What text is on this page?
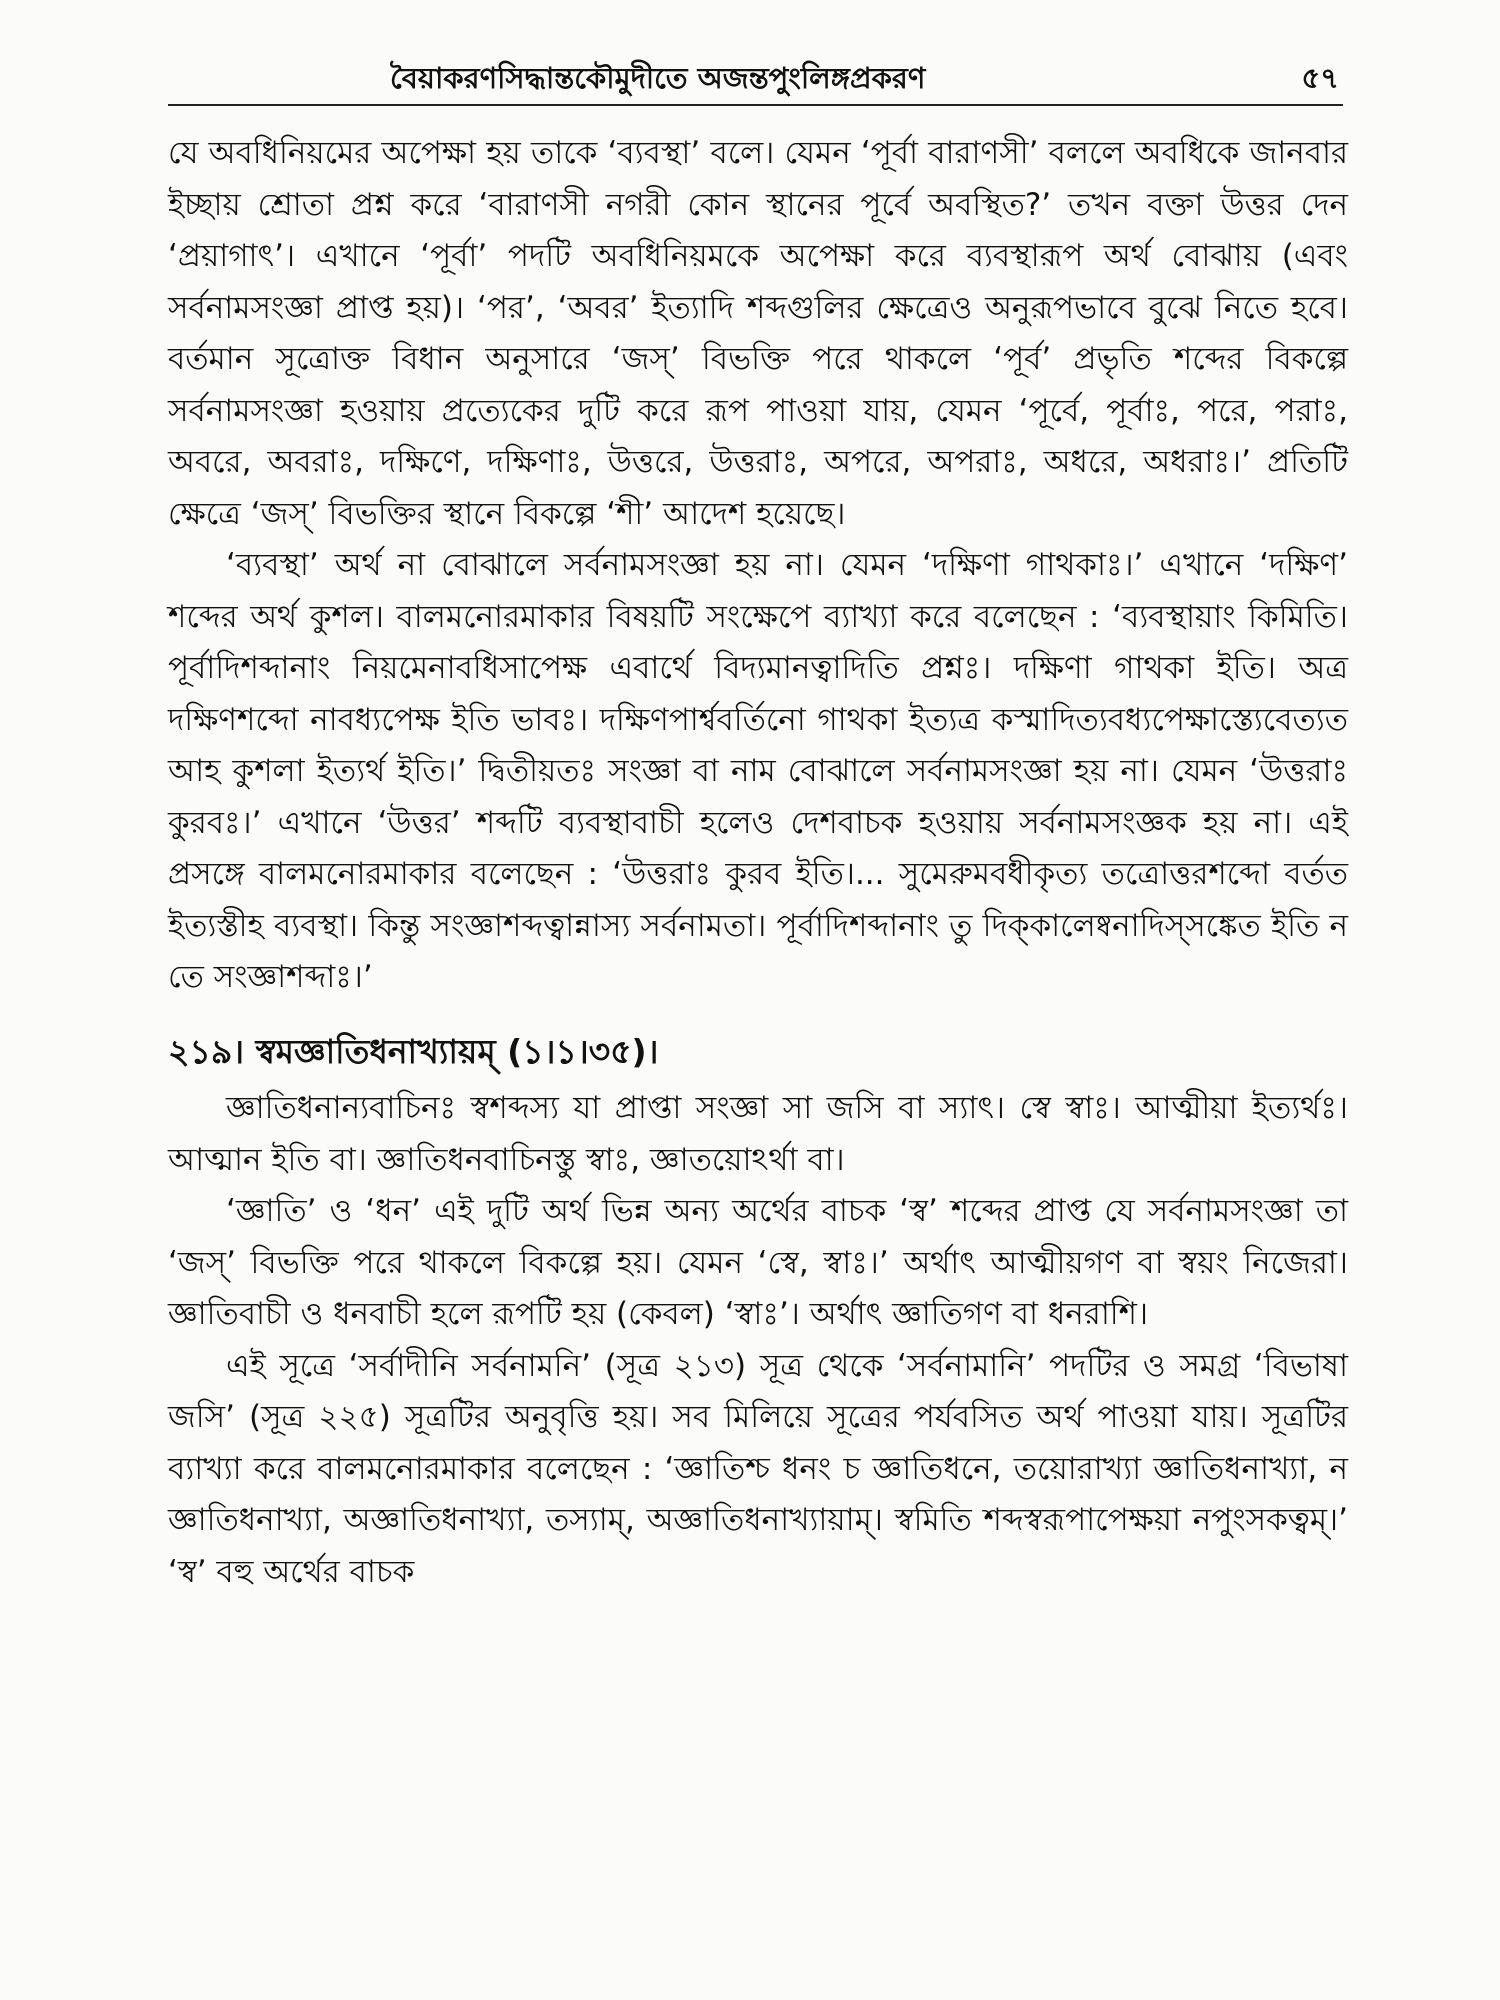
বৈয়াকরণসিদ্ধান্তকৌমুদীতে অজন্তপুংলিঙ্গপ্রকরণ	৫৭

যে অবধিনিয়মের অপেক্ষা হয় তাকে ‘ব্যবস্থা’ বলে। যেমন ‘পূর্বা বারাণসী’ বললে অবধিকে জানবার ইচ্ছায় শ্রোতা প্রশ্ন করে ‘বারাণসী নগরী কোন স্থানের পূর্বে অবস্থিত?’ তখন বক্তা উত্তর দেন ‘প্রয়াগাৎ’। এখানে ‘পূর্বা’ পদটি অবধিনিয়মকে অপেক্ষা করে ব্যবস্থারূপ অর্থ বোঝায় (এবং সর্বনামসংজ্ঞা প্রাপ্ত হয়)। ‘পর’, ‘অবর’ ইত্যাদি শব্দগুলির ক্ষেত্রেও অনুরূপভাবে বুঝে নিতে হবে। বর্তমান সূত্রোক্ত বিধান অনুসারে ‘জস্’ বিভক্তি পরে থাকলে ‘পূর্ব’ প্রভৃতি শব্দের বিকল্পে সর্বনামসংজ্ঞা হওয়ায় প্রত্যেকের দুটি করে রূপ পাওয়া যায়, যেমন ‘পূর্বে, পূর্বাঃ, পরে, পরাঃ, অবরে, অবরাঃ, দক্ষিণে, দক্ষিণাঃ, উত্তরে, উত্তরাঃ, অপরে, অপরাঃ, অধরে, অধরাঃ।’ প্রতিটি ক্ষেত্রে ‘জস্’ বিভক্তির স্থানে বিকল্পে ‘শী’ আদেশ হয়েছে।

‘ব্যবস্থা’ অর্থ না বোঝালে সর্বনামসংজ্ঞা হয় না। যেমন ‘দক্ষিণা গাথকাঃ।’ এখানে ‘দক্ষিণ’ শব্দের অর্থ কুশল। বালমনোরমাকার বিষয়টি সংক্ষেপে ব্যাখ্যা করে বলেছেন : ‘ব্যবস্থায়াং কিমিতি। পূর্বাদিশব্দানাং নিয়মেনাবধিসাপেক্ষ এবার্থে বিদ্যমানত্বাদিতি প্রশ্নঃ। দক্ষিণা গাথকা ইতি। অত্র দক্ষিণশব্দো নাবধ্যপেক্ষ ইতি ভাবঃ। দক্ষিণপার্শ্ববর্তিনো গাথকা ইত্যত্র কস্মাদিত্যবধ্যপেক্ষাস্ত্যেবেত্যত আহ কুশলা ইত্যর্থ ইতি।’ দ্বিতীয়তঃ সংজ্ঞা বা নাম বোঝালে সর্বনামসংজ্ঞা হয় না। যেমন ‘উত্তরাঃ কুরবঃ।’ এখানে ‘উত্তর’ শব্দটি ব্যবস্থাবাচী হলেও দেশবাচক হওয়ায় সর্বনামসংজ্ঞক হয় না। এই প্রসঙ্গে বালমনোরমাকার বলেছেন : ‘উত্তরাঃ কুরব ইতি।... সুমেরুমবধীকৃত্য তত্রোত্তরশব্দো বর্তত ইত্যস্তীহ ব্যবস্থা। কিন্তু সংজ্ঞাশব্দত্বান্নাস্য সর্বনামতা। পূর্বাদিশব্দানাং তু দিক্‌কালেষ্বনাদিস্‌সঙ্কেত ইতি ন তে সংজ্ঞাশব্দাঃ।’

২১৯। স্বমজ্ঞাতিধনাখ্যায়ম্ (১।১।৩৫)।

জ্ঞাতিধনান্যবাচিনঃ স্বশব্দস্য যা প্রাপ্তা সংজ্ঞা সা জসি বা স্যাৎ। স্বে স্বাঃ। আত্মীয়া ইত্যর্থঃ। আত্মান ইতি বা। জ্ঞাতিধনবাচিনস্তু স্বাঃ, জ্ঞাতয়োঽর্থা বা।

‘জ্ঞাতি’ ও ‘ধন’ এই দুটি অর্থ ভিন্ন অন্য অর্থের বাচক ‘স্ব’ শব্দের প্রাপ্ত যে সর্বনামসংজ্ঞা তা ‘জস্’ বিভক্তি পরে থাকলে বিকল্পে হয়। যেমন ‘স্বে, স্বাঃ।’ অর্থাৎ আত্মীয়গণ বা স্বয়ং নিজেরা। জ্ঞাতিবাচী ও ধনবাচী হলে রূপটি হয় (কেবল) ‘স্বাঃ’। অর্থাৎ জ্ঞাতিগণ বা ধনরাশি।

এই সূত্রে ‘সর্বাদীনি সর্বনামনি’ (সূত্র ২১৩) সূত্র থেকে ‘সর্বনামানি’ পদটির ও সমগ্র ‘বিভাষা জসি’ (সূত্র ২২৫) সূত্রটির অনুবৃত্তি হয়। সব মিলিয়ে সূত্রের পর্যবসিত অর্থ পাওয়া যায়। সূত্রটির ব্যাখ্যা করে বালমনোরমাকার বলেছেন : ‘জ্ঞাতিশ্চ ধনং চ জ্ঞাতিধনে, তয়োরাখ্যা জ্ঞাতিধনাখ্যা, ন জ্ঞাতিধনাখ্যা, অজ্ঞাতিধনাখ্যা, তস্যাম্, অজ্ঞাতিধনাখ্যায়াম্। স্বমিতি শব্দস্বরূপাপেক্ষয়া নপুংসকত্বম্।’ ‘স্ব’ বহু অর্থের বাচক
